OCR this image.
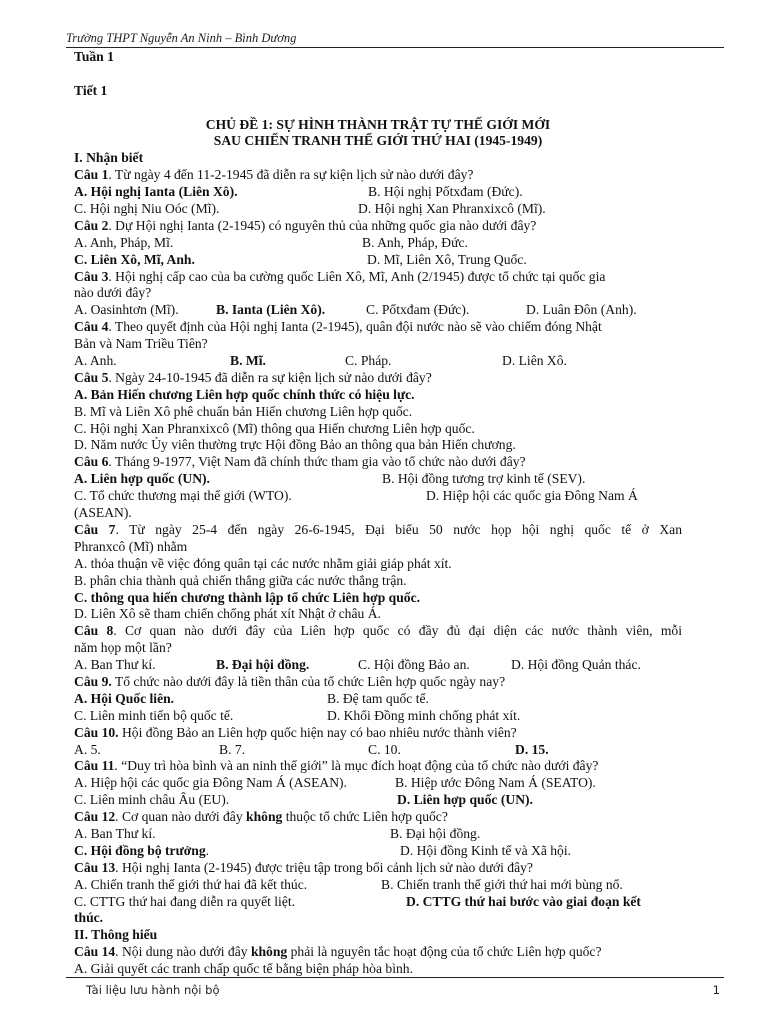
Trường THPT Nguyễn An Ninh – Bình Dương
Tuần 1
Tiết 1
CHỦ ĐỀ 1: SỰ HÌNH THÀNH TRẬT TỰ THẾ GIỚI MỚI
SAU CHIẾN TRANH THẾ GIỚI THỨ HAI (1945-1949)
I. Nhận biết
Câu 1. Từ ngày 4 đến 11-2-1945 đã diễn ra sự kiện lịch sử nào dưới đây?
A. Hội nghị Ianta (Liên Xô).	B. Hội nghị Pốtxđam (Đức).
C. Hội nghị Niu Oóc (Mĩ).	D. Hội nghị Xan Phranxixcô (Mĩ).
Câu 2. Dự Hội nghị Ianta (2-1945) có nguyên thủ của những quốc gia nào dưới đây?
A. Anh, Pháp, Mĩ.	B. Anh, Pháp, Đức.
C. Liên Xô, Mĩ, Anh.	D. Mĩ, Liên Xô, Trung Quốc.
Câu 3. Hội nghị cấp cao của ba cường quốc Liên Xô, Mĩ, Anh (2/1945) được tổ chức tại quốc gia
nào dưới đây?
A. Oasinhtơn (Mĩ).	B. Ianta (Liên Xô).	C. Pốtxđam (Đức).	D. Luân Đôn (Anh).
Câu 4. Theo quyết định của Hội nghị Ianta (2-1945), quân đội nước nào sẽ vào chiếm đóng Nhật
Bản và Nam Triều Tiên?
A. Anh.	B. Mĩ.	C. Pháp.	D. Liên Xô.
Câu 5. Ngày 24-10-1945 đã diễn ra sự kiện lịch sử nào dưới đây?
A. Bản Hiến chương Liên hợp quốc chính thức có hiệu lực.
B. Mĩ và Liên Xô phê chuẩn bản Hiến chương Liên hợp quốc.
C. Hội nghị Xan Phranxixcô (Mĩ) thông qua Hiến chương Liên hợp quốc.
D. Năm nước Ủy viên thường trực Hội đồng Bảo an thông qua bản Hiến chương.
Câu 6. Tháng 9-1977, Việt Nam đã chính thức tham gia vào tổ chức nào dưới đây?
A. Liên hợp quốc (UN).	B. Hội đồng tương trợ kinh tế (SEV).
C. Tổ chức thương mại thế giới (WTO).	D. Hiệp hội các quốc gia Đông Nam Á
(ASEAN).
Câu 7. Từ ngày 25-4 đến ngày 26-6-1945, Đại biểu 50 nước họp hội nghị quốc tế ở Xan
Phranxcô (Mĩ) nhằm
A. thỏa thuận về việc đóng quân tại các nước nhằm giải giáp phát xít.
B. phân chia thành quả chiến thắng giữa các nước thắng trận.
C. thông qua hiến chương thành lập tổ chức Liên hợp quốc.
D. Liên Xô sẽ tham chiến chống phát xít Nhật ở châu Á.
Câu 8. Cơ quan nào dưới đây của Liên hợp quốc có đầy đủ đại diện các nước thành viên, mỗi
năm họp một lần?
A. Ban Thư kí.	B. Đại hội đồng.	C. Hội đồng Bảo an.	D. Hội đồng Quản thác.
Câu 9. Tổ chức nào dưới đây là tiền thân của tổ chức Liên hợp quốc ngày nay?
A. Hội Quốc liên.	B. Đệ tam quốc tế.
C. Liên minh tiến bộ quốc tế.	D. Khối Đồng minh chống phát xít.
Câu 10. Hội đồng Bảo an Liên hợp quốc hiện nay có bao nhiêu nước thành viên?
A. 5.	B. 7.	C. 10.	D. 15.
Câu 11. “Duy trì hòa bình và an ninh thế giới” là mục đích hoạt động của tổ chức nào dưới đây?
A. Hiệp hội các quốc gia Đông Nam Á (ASEAN).	B. Hiệp ước Đông Nam Á (SEATO).
C. Liên minh châu Âu (EU).	D. Liên hợp quốc (UN).
Câu 12. Cơ quan nào dưới đây không thuộc tổ chức Liên hợp quốc?
A. Ban Thư kí.	B. Đại hội đồng.
C. Hội đồng bộ trưởng.	D. Hội đồng Kinh tế và Xã hội.
Câu 13. Hội nghị Ianta (2-1945) được triệu tập trong bối cảnh lịch sử nào dưới đây?
A. Chiến tranh thế giới thứ hai đã kết thúc.	B. Chiến tranh thế giới thứ hai mới bùng nổ.
C. CTTG thứ hai đang diễn ra quyết liệt.	D. CTTG thứ hai bước vào giai đoạn kết
thúc.
II. Thông hiểu
Câu 14. Nội dung nào dưới đây không phải là nguyên tắc hoạt động của tổ chức Liên hợp quốc?
A. Giải quyết các tranh chấp quốc tế bằng biện pháp hòa bình.
Tài liệu lưu hành nội bộ	1
